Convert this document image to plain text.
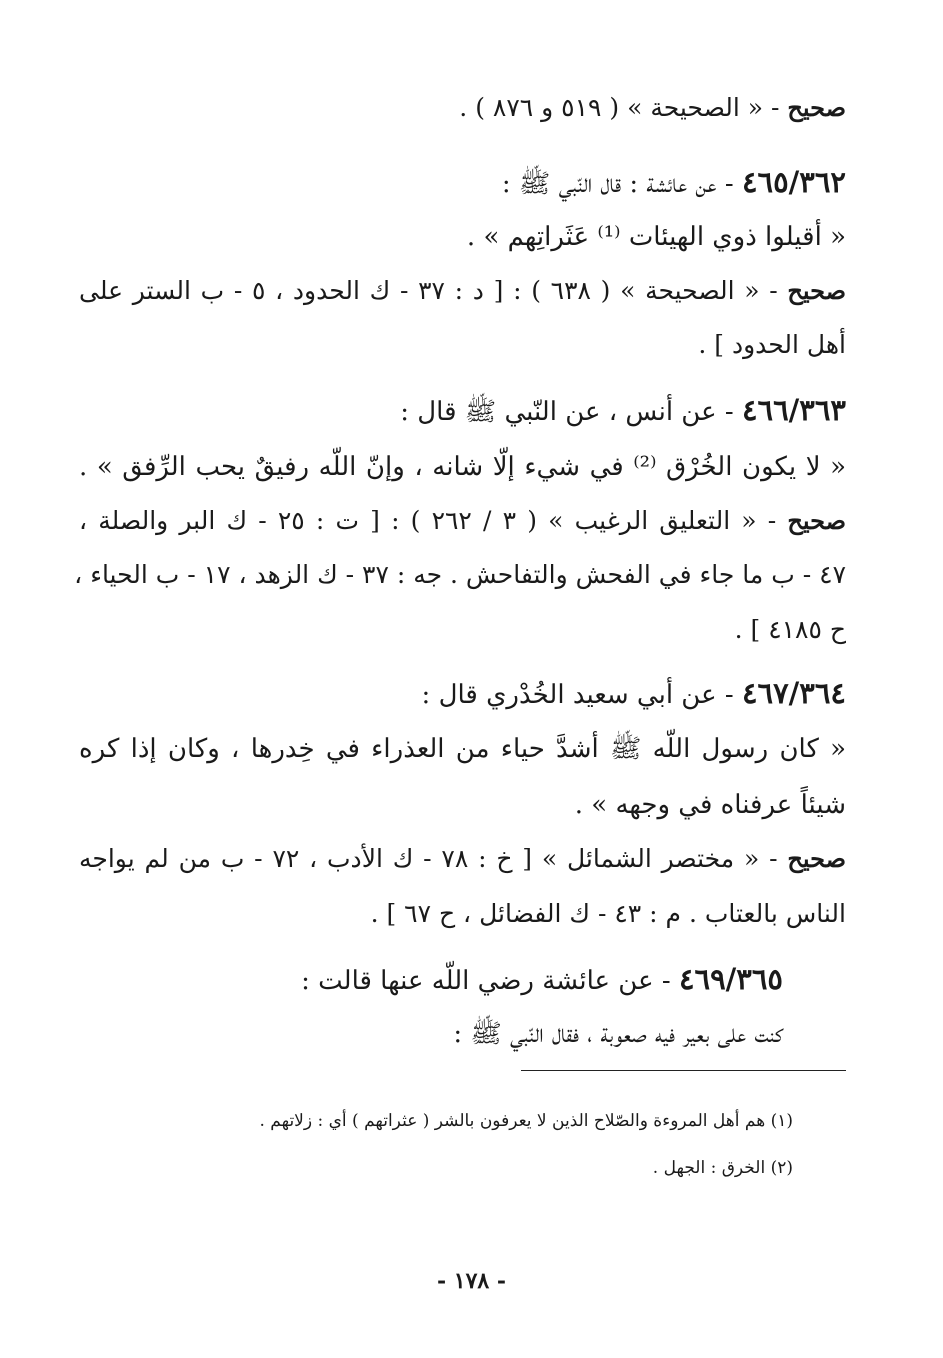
صحيح - « الصحيحة » ( ٥١٩ و ٨٧٦ ) .
٤٦٥/٣٦٢ - عن عائشة : قال النّبي ﷺ :
« أقيلوا ذوي الهيئات ⁽¹⁾ عَثَراتِهم » .
صحيح - « الصحيحة » ( ٦٣٨ ) : [ د : ٣٧ - ك الحدود ، ٥ - ب الستر على
أهل الحدود ] .
٤٦٦/٣٦٣ - عن أنس ، عن النّبي ﷺ قال :
« لا يكون الخُرْق ⁽²⁾ في شيء إلّا شانه ، وإنّ اللّه رفيقٌ يحب الرِّفق » .
صحيح - « التعليق الرغيب » ( ٣ / ٢٦٢ ) : [ ت : ٢٥ - ك البر والصلة ،
٤٧ - ب ما جاء في الفحش والتفاحش . جه : ٣٧ - ك الزهد ، ١٧ - ب الحياء ،
ح ٤١٨٥ ] .
٤٦٧/٣٦٤ - عن أبي سعيد الخُدْري قال :
« كان رسول اللّه ﷺ أشدَّ حياء من العذراء في خِدرها ، وكان إذا كره
شيئاً عرفناه في وجهه » .
صحيح - « مختصر الشمائل » [ خ : ٧٨ - ك الأدب ، ٧٢ - ب من لم يواجه
الناس بالعتاب . م : ٤٣ - ك الفضائل ، ح ٦٧ ] .
٤٦٩/٣٦٥ - عن عائشة رضي اللّه عنها قالت :
كنت على بعير فيه صعوبة ، فقال النّبي ﷺ :
(١) هم أهل المروءة والصّلاح الذين لا يعرفون بالشر ( عثراتهم ) أي : زلاتهم .
(٢) الخرق : الجهل .
- ١٧٨ -
